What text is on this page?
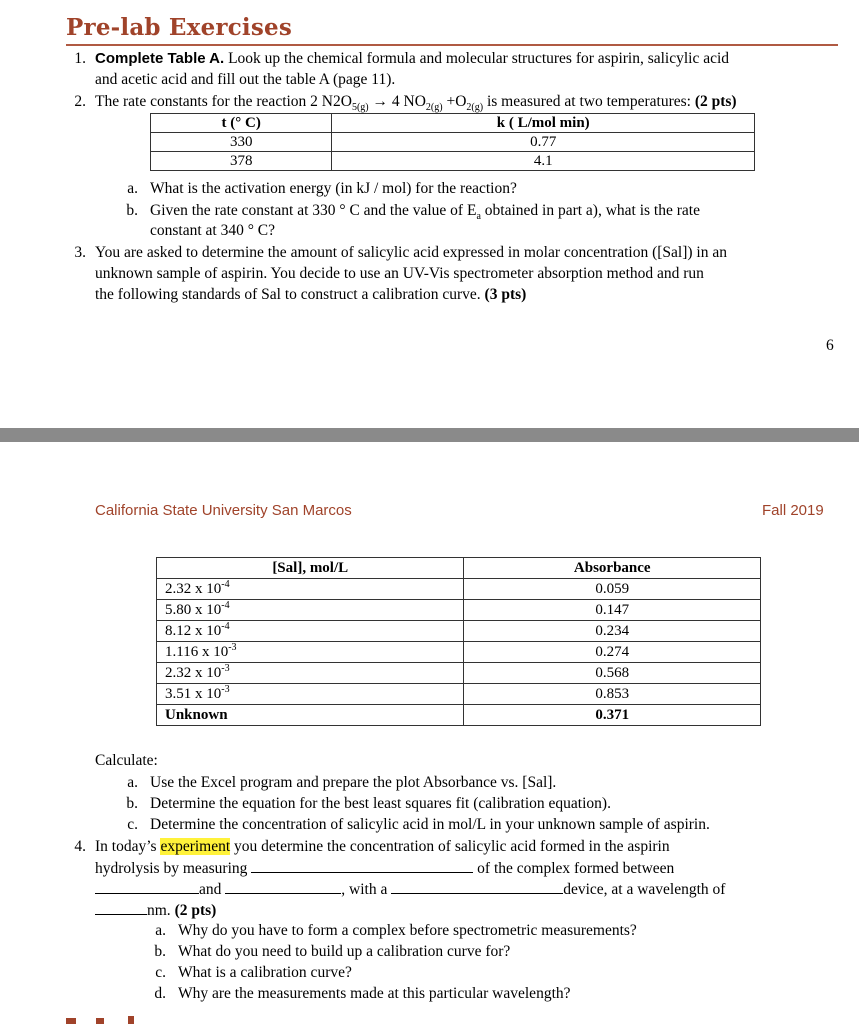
Pre-lab Exercises
1. Complete Table A. Look up the chemical formula and molecular structures for aspirin, salicylic acid
and acetic acid and fill out the table A (page 11).
2. The rate constants for the reaction 2 $N2O_{5(g)} \to 4$ $NO_{2(g)} +O_{2(g)}$ is measured at two temperatures: (2 pts)
t (° C)	k ( L/mol min)
330	0.77
378	4.1
a. What is the activation energy (in kJ / mol) for the reaction?
b. Given the rate constant at 330 ° C and the value of $E_a$ obtained in part a), what is the rate
constant at 340 ° C?
3. You are asked to determine the amount of salicylic acid expressed in molar concentration ([Sal]) in an
unknown sample of aspirin. You decide to use an UV-Vis spectrometer absorption method and run
the following standards of Sal to construct a calibration curve. (3 pts)
6
California State University San Marcos	Fall 2019
[Sal], mol/L	Absorbance
2.32 x $10^{-4}$	0.059
5.80 x $10^{-4}$	0.147
8.12 x $10^{-4}$	0.234
1.116 x $10^{-3}$	0.274
2.32 x $10^{-3}$	0.568
3.51 x $10^{-3}$	0.853
Unknown	0.371
Calculate:
a. Use the Excel program and prepare the plot Absorbance vs. [Sal].
b. Determine the equation for the best least squares fit (calibration equation).
c. Determine the concentration of salicylic acid in mol/L in your unknown sample of aspirin.
4. In today’s experiment you determine the concentration of salicylic acid formed in the aspirin
hydrolysis by measuring	of the complex formed between
and	, with a	device, at a wavelength of
nm. (2 pts)
a. Why do you have to form a complex before spectrometric measurements?
b. What do you need to build up a calibration curve for?
c. What is a calibration curve?
d. Why are the measurements made at this particular wavelength?
